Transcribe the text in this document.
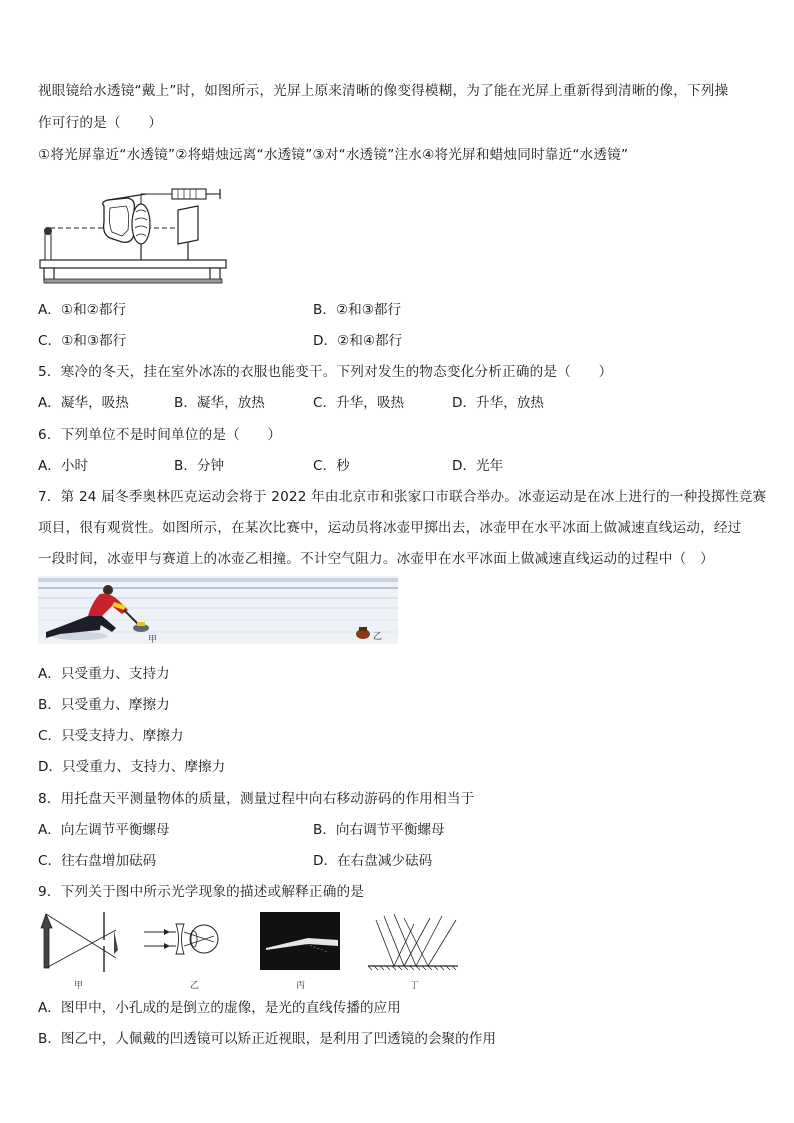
视眼镜给水透镜“戴上”时，如图所示，光屏上原来清晰的像变得模糊，为了能在光屏上重新得到清晰的像，下列操
作可行的是（　　）
①将光屏靠近“水透镜”②将蜡烛远离“水透镜”③对“水透镜”注水④将光屏和蜡烛同时靠近“水透镜”
A．①和②都行	B．②和③都行
C．①和③都行	D．②和④都行
5．寒冷的冬天，挂在室外冰冻的衣服也能变干。下列对发生的物态变化分析正确的是（　　）
A．凝华，吸热	B．凝华，放热	C．升华，吸热	D．升华，放热
6．下列单位不是时间单位的是（　　）
A．小时	B．分钟	C．秒	D．光年
7．第 24 届冬季奥林匹克运动会将于 2022 年由北京市和张家口市联合举办。冰壶运动是在冰上进行的一种投掷性竞赛
项目，很有观赏性。如图所示，在某次比赛中，运动员将冰壶甲掷出去，冰壶甲在水平冰面上做减速直线运动，经过
一段时间，冰壶甲与赛道上的冰壶乙相撞。不计空气阻力。冰壶甲在水平冰面上做减速直线运动的过程中（　）
甲	乙
A．只受重力、支持力
B．只受重力、摩擦力
C．只受支持力、摩擦力
D．只受重力、支持力、摩擦力
8．用托盘天平测量物体的质量，测量过程中向右移动游码的作用相当于
A．向左调节平衡螺母	B．向右调节平衡螺母
C．往右盘增加砝码	D．在右盘减少砝码
9．下列关于图中所示光学现象的描述或解释正确的是
甲	乙	丙	丁
A．图甲中，小孔成的是倒立的虚像，是光的直线传播的应用
B．图乙中，人佩戴的凹透镜可以矫正近视眼，是利用了凹透镜的会聚的作用
